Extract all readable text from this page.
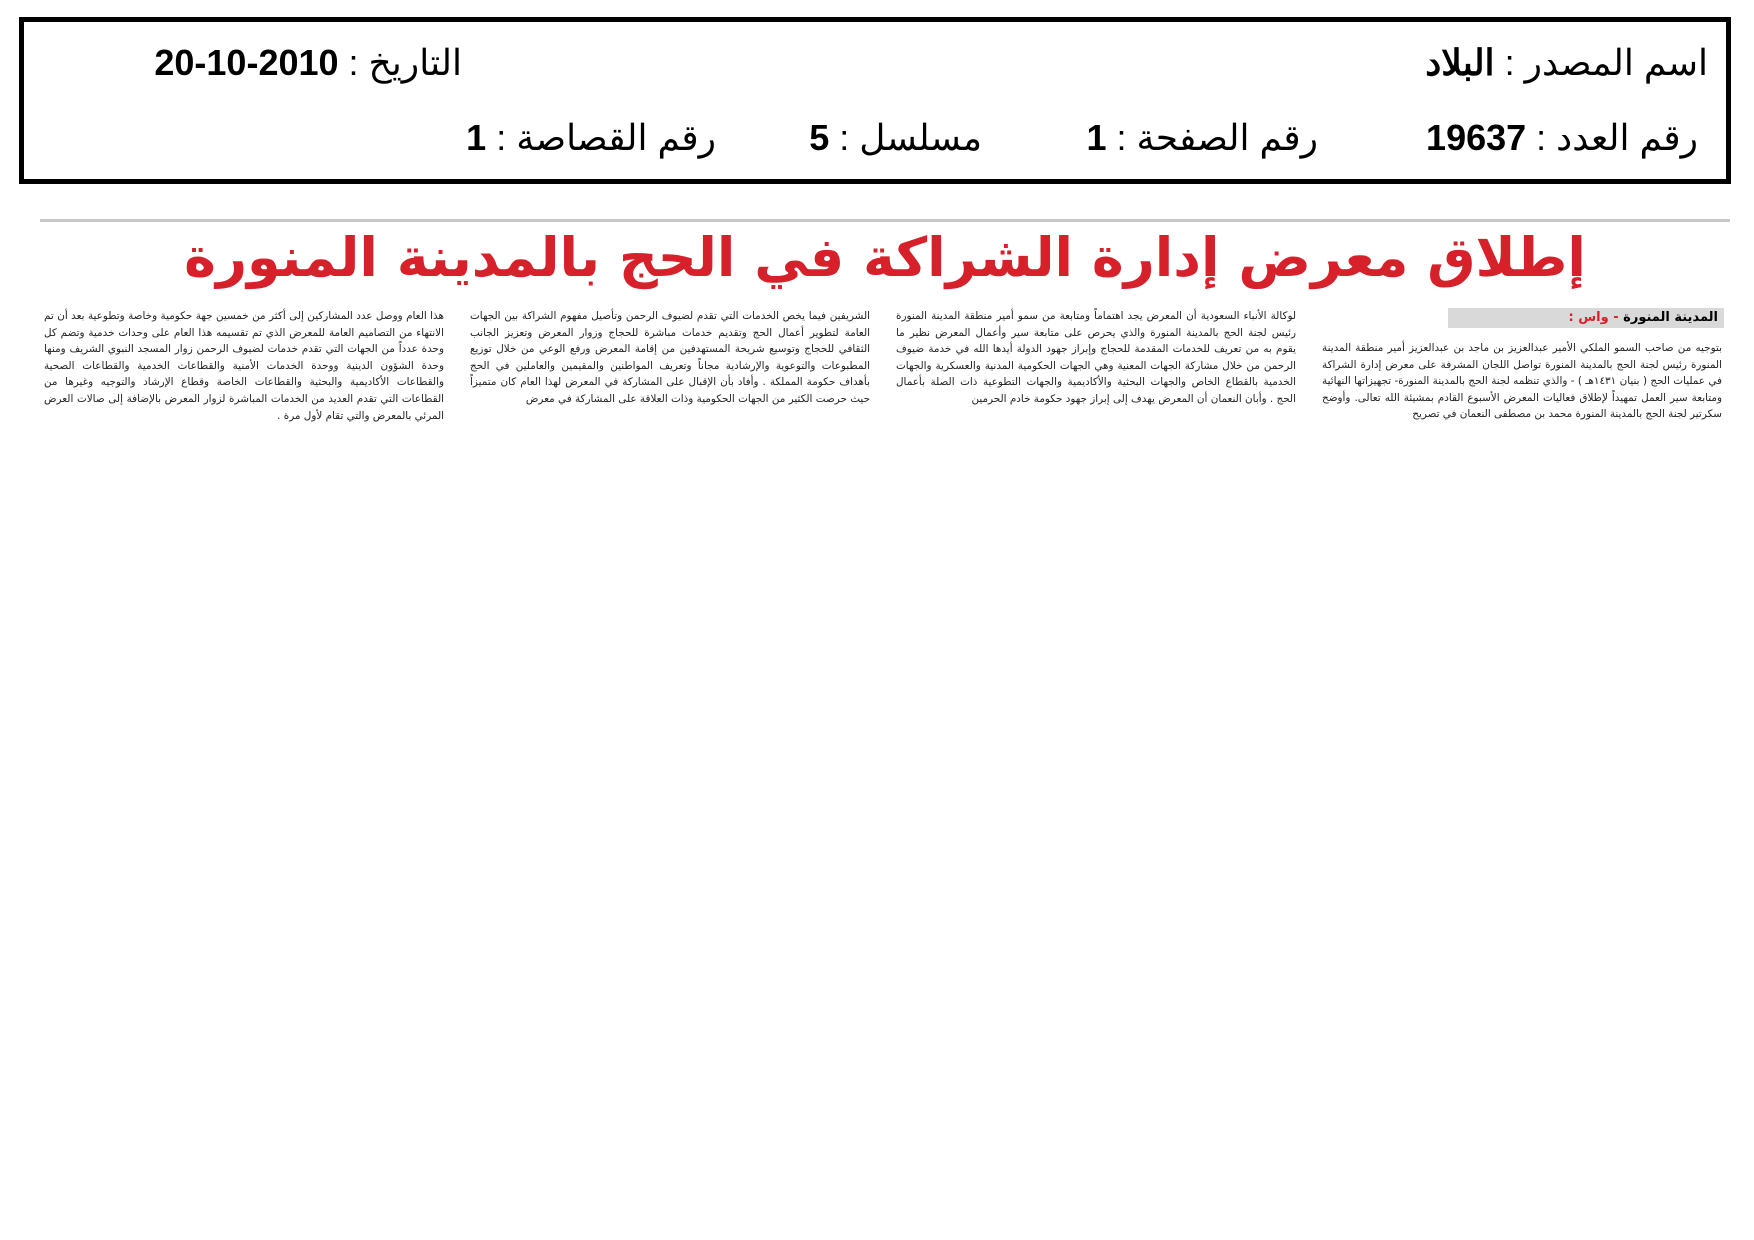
اسم المصدر : البلاد
التاريخ : 2010-10-20
رقم العدد : 19637
رقم الصفحة : 1
مسلسل : 5
رقم القصاصة : 1
إطلاق معرض إدارة الشراكة في الحج بالمدينة المنورة
المدينة المنورة - واس :

بتوجيه من صاحب السمو الملكي الأمير عبدالعزيز بن ماجد بن عبدالعزيز أمير منطقة المدينة المنورة رئيس لجنة الحج بالمدينة المنورة تواصل اللجان المشرفة على معرض إدارة الشراكة في عمليات الحج ( بنيان ١٤٣١هـ ) - والذي تنظمه لجنة الحج بالمدينة المنورة- تجهيزاتها النهائية ومتابعة سير العمل تمهيداً لإطلاق فعاليات المعرض الأسبوع القادم بمشيئة الله تعالى. وأوضح سكرتير لجنة الحج بالمدينة المنورة محمد بن مصطفى النعمان في تصريح

لوكالة الأنباء السعودية أن المعرض يجد اهتماماً ومتابعة من سمو أمير منطقة المدينة المنورة رئيس لجنة الحج بالمدينة المنورة والذي يحرص على متابعة سير وأعمال المعرض نظير ما يقوم به من تعريف للخدمات المقدمة للحجاج وإبراز جهود الدولة أيدها الله في خدمة ضيوف الرحمن من خلال مشاركة الجهات المعنية وهي الجهات الحكومية المدنية والعسكرية والجهات الخدمية بالقطاع الخاص والجهات البحثية والأكاديمية والجهات التطوعية ذات الصلة بأعمال الحج . وأبان النعمان أن المعرض يهدف إلى إبراز جهود حكومة خادم الحرمين

الشريفين فيما يخص الخدمات التي تقدم لضيوف الرحمن وتأصيل مفهوم الشراكة بين الجهات العامة لتطوير أعمال الحج وتقديم خدمات مباشرة للحجاج وزوار المعرض وتعزيز الجانب الثقافي للحجاج وتوسيع شريحة المستهدفين من إقامة المعرض ورفع الوعي من خلال توزيع المطبوعات والتوعوية والإرشادية مجاناً وتعريف المواطنين والمقيمين والعاملين في الحج بأهداف حكومة المملكة . وأفاد بأن الإقبال على المشاركة في المعرض لهذا العام كان متميزاً حيث حرصت الكثير من الجهات الحكومية وذات العلاقة على المشاركة في معرض

هذا العام ووصل عدد المشاركين إلى أكثر من خمسين جهة حكومية وخاصة وتطوعية بعد أن تم الانتهاء من التصاميم العامة للمعرض الذي تم تقسيمه هذا العام على وحدات خدمية وتضم كل وحدة عدداً من الجهات التي تقدم خدمات لضيوف الرحمن زوار المسجد النبوي الشريف ومنها وحدة الشؤون الدينية ووحدة الخدمات الأمنية والقطاعات الخدمية والقطاعات الصحية والقطاعات الأكاديمية والبحثية والقطاعات الخاصة وقطاع الإرشاد والتوجيه وغيرها من القطاعات التي تقدم العديد من الخدمات المباشرة لزوار المعرض بالإضافة إلى صالات العرض المرئي بالمعرض والتي تقام لأول مرة .
